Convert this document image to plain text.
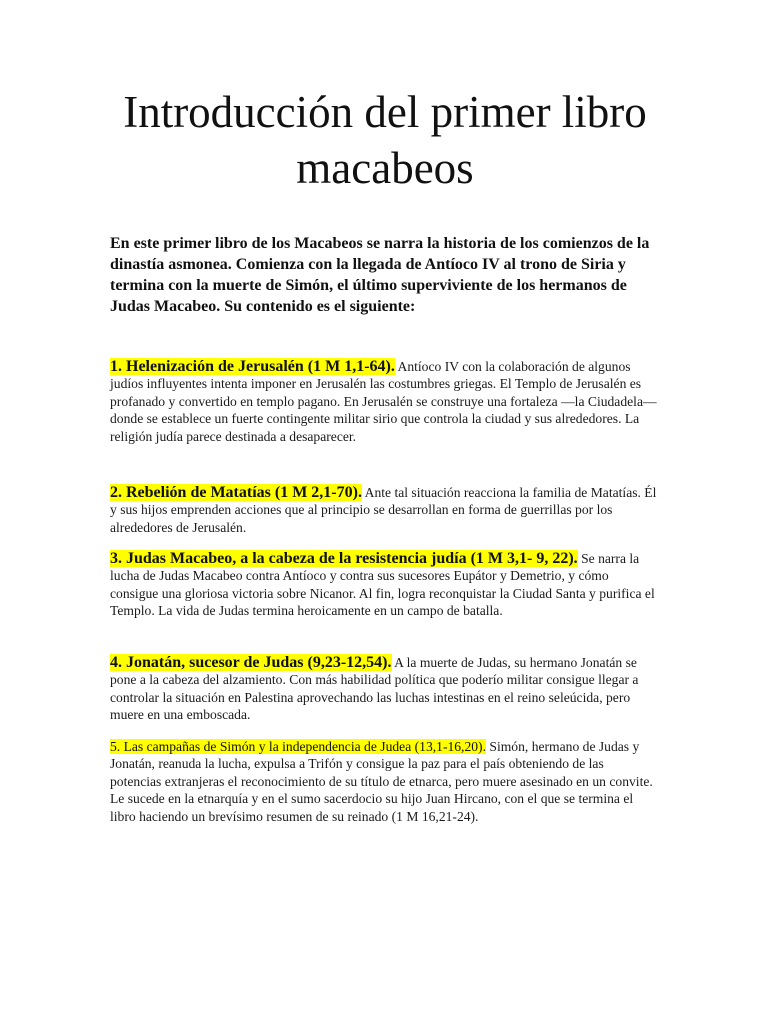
Introducción del primer libro macabeos

En este primer libro de los Macabeos se narra la historia de los comienzos de la dinastía asmonea. Comienza con la llegada de Antíoco IV al trono de Siria y termina con la muerte de Simón, el último superviviente de los hermanos de Judas Macabeo. Su contenido es el siguiente:

1. Helenización de Jerusalén (1 M 1,1-64). Antíoco IV con la colaboración de algunos judíos influyentes intenta imponer en Jerusalén las costumbres griegas. El Templo de Jerusalén es profanado y convertido en templo pagano. En Jerusalén se construye una fortaleza —la Ciudadela— donde se establece un fuerte contingente militar sirio que controla la ciudad y sus alrededores. La religión judía parece destinada a desaparecer.

2. Rebelión de Matatías (1 M 2,1-70). Ante tal situación reacciona la familia de Matatías. Él y sus hijos emprenden acciones que al principio se desarrollan en forma de guerrillas por los alrededores de Jerusalén.

3. Judas Macabeo, a la cabeza de la resistencia judía (1 M 3,1- 9, 22). Se narra la lucha de Judas Macabeo contra Antíoco y contra sus sucesores Eupátor y Demetrio, y cómo consigue una gloriosa victoria sobre Nicanor. Al fin, logra reconquistar la Ciudad Santa y purifica el Templo. La vida de Judas termina heroicamente en un campo de batalla.

4. Jonatán, sucesor de Judas (9,23-12,54). A la muerte de Judas, su hermano Jonatán se pone a la cabeza del alzamiento. Con más habilidad política que poderío militar consigue llegar a controlar la situación en Palestina aprovechando las luchas intestinas en el reino seleúcida, pero muere en una emboscada.

5. Las campañas de Simón y la independencia de Judea (13,1-16,20). Simón, hermano de Judas y Jonatán, reanuda la lucha, expulsa a Trifón y consigue la paz para el país obteniendo de las potencias extranjeras el reconocimiento de su título de etnarca, pero muere asesinado en un convite. Le sucede en la etnarquía y en el sumo sacerdocio su hijo Juan Hircano, con el que se termina el libro haciendo un brevísimo resumen de su reinado (1 M 16,21-24).
